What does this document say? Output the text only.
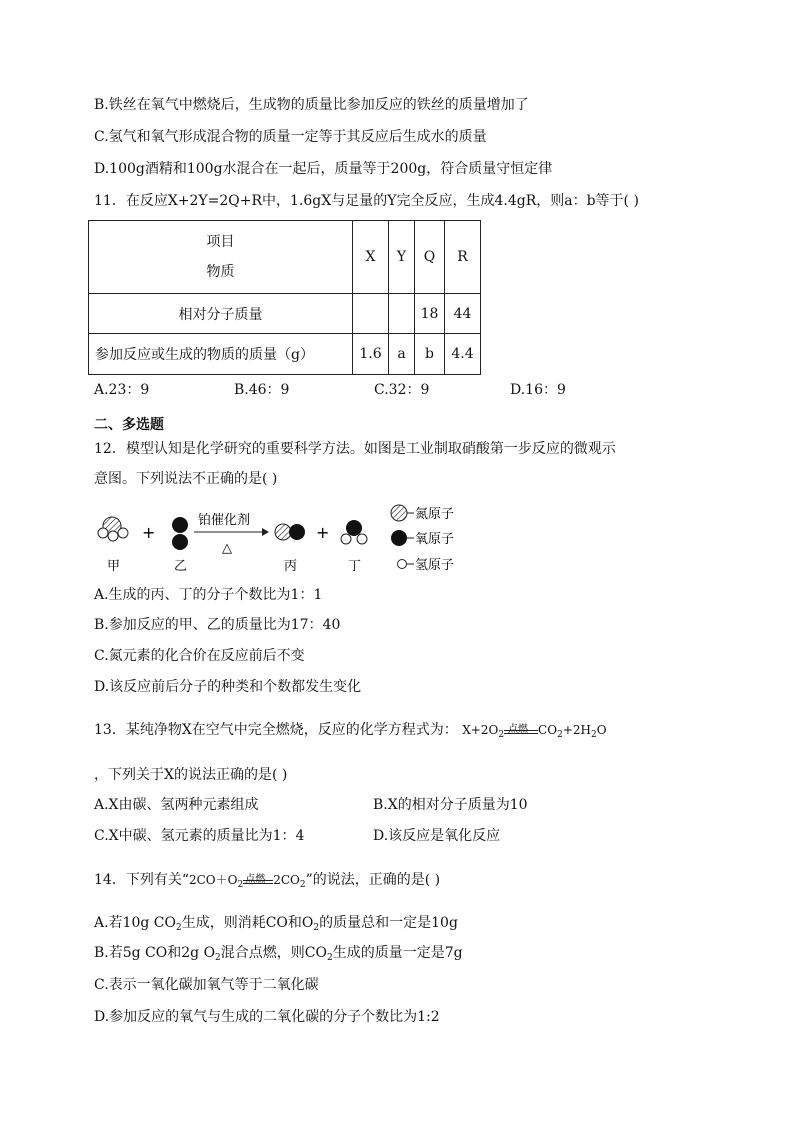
B.铁丝在氧气中燃烧后，生成物的质量比参加反应的铁丝的质量增加了
C.氢气和氧气形成混合物的质量一定等于其反应后生成水的质量
D.100g酒精和100g水混合在一起后，质量等于200g，符合质量守恒定律
11．在反应X+2Y=2Q+R中，1.6gX与足量的Y完全反应，生成4.4gR，则a：b等于( )
项目
物质	X	Y	Q	R
相对分子质量			18	44
参加反应或生成的物质的质量（g）	1.6	a	b	4.4
A.23：9	B.46：9	C.32：9	D.16：9
二、多选题
12．模型认知是化学研究的重要科学方法。如图是工业制取硝酸第一步反应的微观示
意图。下列说法不正确的是( )
+
铂催化剂
△
+
甲	乙	丙	丁
氮原子
氧原子
氢原子
A.生成的丙、丁的分子个数比为1：1
B.参加反应的甲、乙的质量比为17：40
C.氮元素的化合价在反应前后不变
D.该反应前后分子的种类和个数都发生变化
13．某纯净物X在空气中完全燃烧，反应的化学方程式为： $X+2O_2$ 点燃 $CO_2+2H_2O$
，下列关于X的说法正确的是( )
A.X由碳、氢两种元素组成	B.X的相对分子质量为10
C.X中碳、氢元素的质量比为1：4	D.该反应是氧化反应
14．下列有关“$2CO+O_2$ 点燃 $2CO_2$”的说法，正确的是( )
A.若10g $CO_2$生成，则消耗CO和$O_2$的质量总和一定是10g
B.若5g CO和2g $O_2$混合点燃，则$CO_2$生成的质量一定是7g
C.表示一氧化碳加氧气等于二氧化碳
D.参加反应的氧气与生成的二氧化碳的分子个数比为1:2
